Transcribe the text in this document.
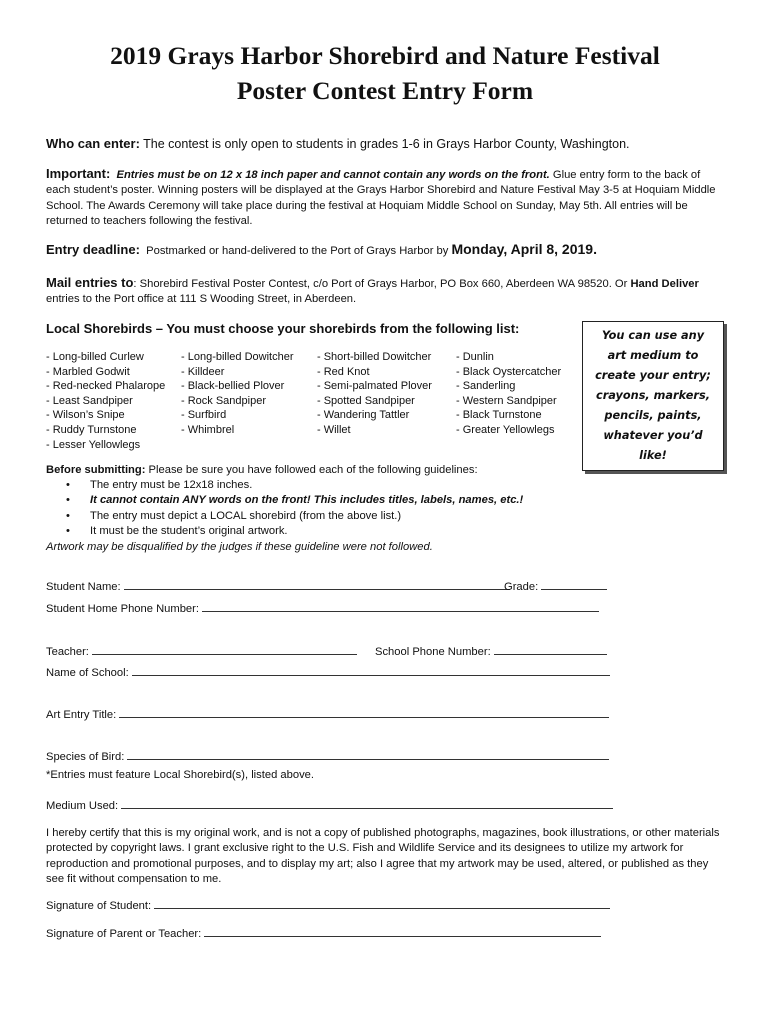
2019 Grays Harbor Shorebird and Nature Festival
Poster Contest Entry Form
Who can enter: The contest is only open to students in grades 1-6 in Grays Harbor County, Washington.
Important: Entries must be on 12 x 18 inch paper and cannot contain any words on the front. Glue entry form to the back of each student’s poster. Winning posters will be displayed at the Grays Harbor Shorebird and Nature Festival May 3-5 at Hoquiam Middle School. The Awards Ceremony will take place during the festival at Hoquiam Middle School on Sunday, May 5th. All entries will be returned to teachers following the festival.
Entry deadline: Postmarked or hand-delivered to the Port of Grays Harbor by Monday, April 8, 2019.
Mail entries to: Shorebird Festival Poster Contest, c/o Port of Grays Harbor, PO Box 660, Aberdeen WA 98520. Or Hand Deliver entries to the Port office at 111 S Wooding Street, in Aberdeen.
Local Shorebirds – You must choose your shorebirds from the following list:
- Long-billed Curlew
- Marbled Godwit
- Red-necked Phalarope
- Least Sandpiper
- Wilson’s Snipe
- Ruddy Turnstone
- Lesser Yellowlegs
- Long-billed Dowitcher
- Killdeer
- Black-bellied Plover
- Rock Sandpiper
- Surfbird
- Whimbrel
- Short-billed Dowitcher
- Red Knot
- Semi-palmated Plover
- Spotted Sandpiper
- Wandering Tattler
- Willet
- Dunlin
- Black Oystercatcher
- Sanderling
- Western Sandpiper
- Black Turnstone
- Greater Yellowlegs
You can use any art medium to create your entry; crayons, markers, pencils, paints, whatever you’d like!
Before submitting: Please be sure you have followed each of the following guidelines:
• The entry must be 12x18 inches.
• It cannot contain ANY words on the front! This includes titles, labels, names, etc.!
• The entry must depict a LOCAL shorebird (from the above list.)
• It must be the student’s original artwork.
Artwork may be disqualified by the judges if these guideline were not followed.
Student Name:	Grade:
Student Home Phone Number:
Teacher:	School Phone Number:
Name of School:
Art Entry Title:
Species of Bird:
*Entries must feature Local Shorebird(s), listed above.
Medium Used:
I hereby certify that this is my original work, and is not a copy of published photographs, magazines, book illustrations, or other materials protected by copyright laws. I grant exclusive right to the U.S. Fish and Wildlife Service and its designees to utilize my artwork for reproduction and promotional purposes, and to display my art; also I agree that my artwork may be used, altered, or published as they see fit without compensation to me.
Signature of Student:
Signature of Parent or Teacher:
